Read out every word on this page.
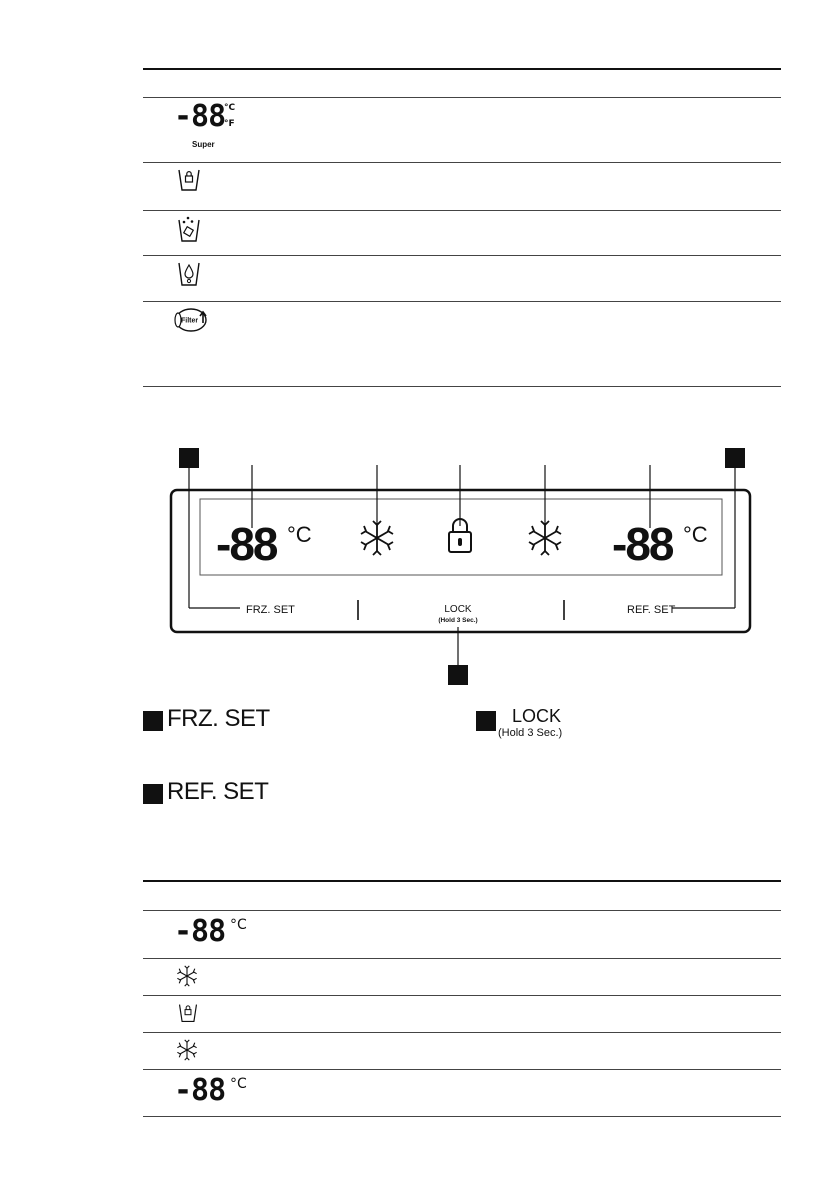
-88
°C
°F
Super
Filter
-88 °C	-88 °C
FRZ. SET	LOCK
(Hold 3 Sec.)
REF. SET
FRZ. SET	LOCK
(Hold 3 Sec.)
REF. SET
-88 °C
-88 °C
